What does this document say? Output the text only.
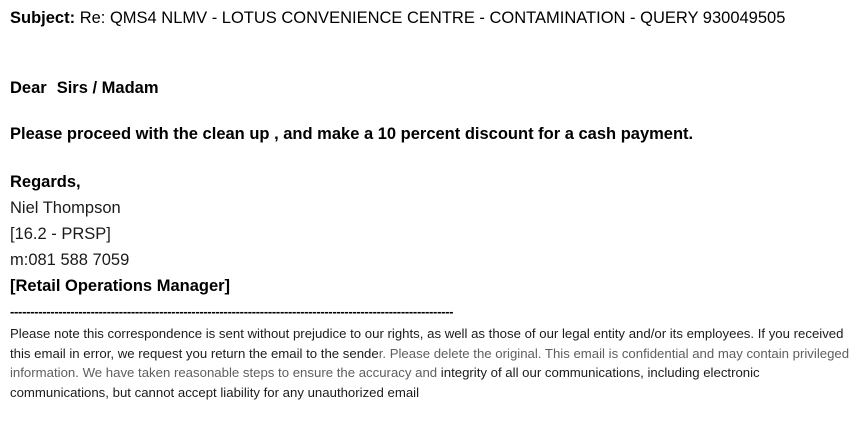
Subject: Re: QMS4 NLMV - LOTUS CONVENIENCE CENTRE - CONTAMINATION - QUERY 930049505
Dear Sirs / Madam
Please proceed with the clean up , and make a 10 percent discount for a cash payment.
Regards,
Niel Thompson
[16.2 - PRSP]
m:081 588 7059
[Retail Operations Manager]
--------------------------------------------------------------------------------------------------------------
Please note this correspondence is sent without prejudice to our rights, as well as those of our legal entity and/or its employees. If you received this email in error, we request you return the email to the sender. Please delete the original. This email is confidential and may contain privileged information. We have taken reasonable steps to ensure the accuracy and integrity of all our communications, including electronic communications, but cannot accept liability for any unauthorized email
